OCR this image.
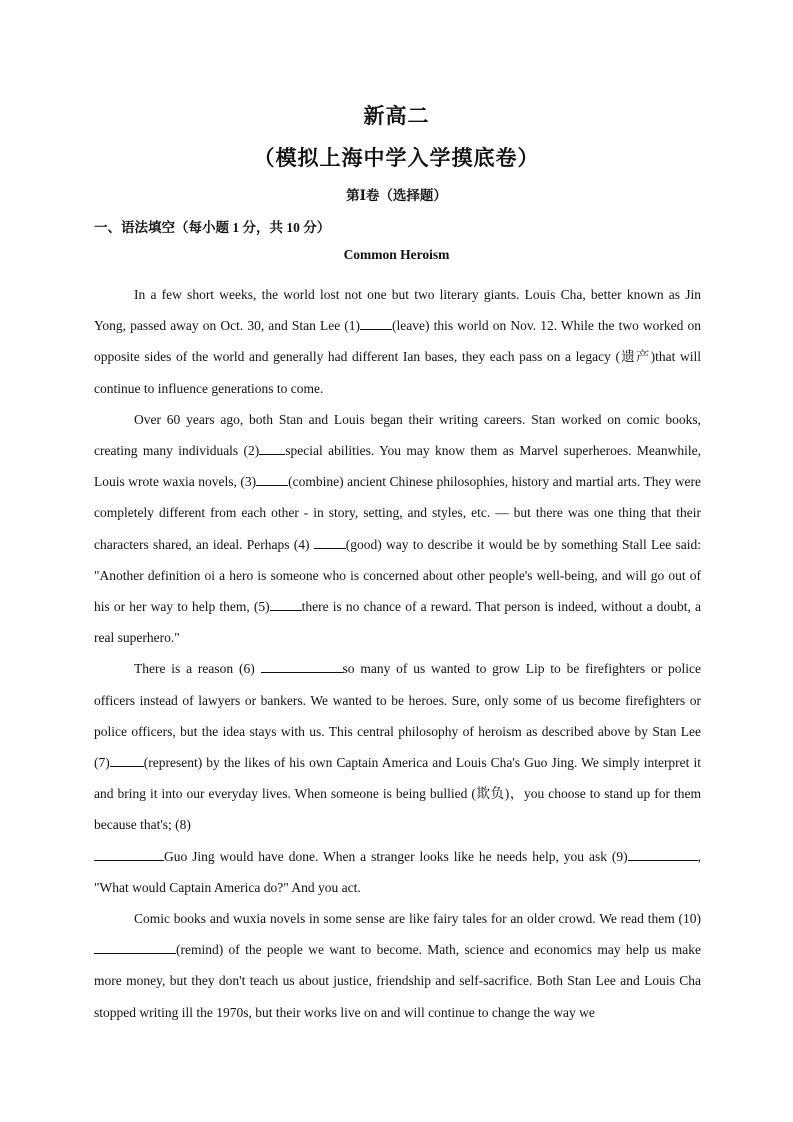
新高二
（模拟上海中学入学摸底卷）
第Ⅰ卷（选择题）
一、语法填空（每小题 1 分，共 10 分）
Common Heroism

In a few short weeks, the world lost not one but two literary giants. Louis Cha, better known as Jin Yong, passed away on Oct. 30, and Stan Lee (1) (leave) this world on Nov. 12. While the two worked on opposite sides of the world and generally had different Ian bases, they each pass on a legacy (遗产)that will continue to influence generations to come.

Over 60 years ago, both Stan and Louis began their writing careers. Stan worked on comic books, creating many individuals (2) special abilities. You may know them as Marvel superheroes. Meanwhile, Louis wrote waxia novels, (3) (combine) ancient Chinese philosophies, history and martial arts. They were completely different from each other - in story, setting, and styles, etc. — but there was one thing that their characters shared, an ideal. Perhaps (4) (good) way to describe it would be by something Stall Lee said: "Another definition oi a hero is someone who is concerned about other people's well-being, and will go out of his or her way to help them, (5) there is no chance of a reward. That person is indeed, without a doubt, a real superhero."

There is a reason (6)	so many of us wanted to grow Lip to be firefighters or police officers instead of lawyers or bankers. We wanted to be heroes. Sure, only some of us become firefighters or police officers, but the idea stays with us. This central philosophy of heroism as described above by Stan Lee (7)	(represent) by the likes of his own Captain America and Louis Cha's Guo Jing. We simply interpret it and bring it into our everyday lives. When someone is being bullied (欺负)，you choose to stand up for them because that's; (8)

Guo Jing would have done. When a stranger looks like he needs help, you ask (9)	, "What would Captain America do?" And you act.

Comic books and wuxia novels in some sense are like fairy tales for an older crowd. We read them (10)(remind) of the people we want to become. Math, science and economics may help us make more money, but they don't teach us about justice, friendship and self-sacrifice. Both Stan Lee and Louis Cha stopped writing ill the 1970s, but their works live on and will continue to change the way we
